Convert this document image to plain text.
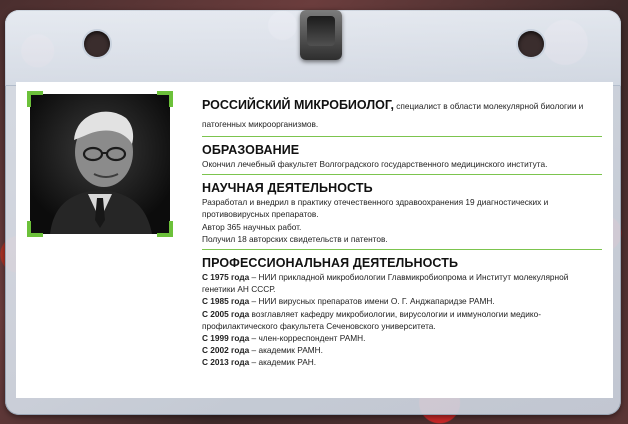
РОССИЙСКИЙ МИКРОБИОЛОГ, специалист в области молекулярной биологии и патогенных микроорганизмов.
ОБРАЗОВАНИЕ
Окончил лечебный факультет Волгоградского государственного медицинского института.
НАУЧНАЯ ДЕЯТЕЛЬНОСТЬ
Разработал и внедрил в практику отечественного здравоохранения 19 диагностических и противовирусных препаратов.
Автор 365 научных работ.
Получил 18 авторских свидетельств и патентов.
ПРОФЕССИОНАЛЬНАЯ ДЕЯТЕЛЬНОСТЬ
С 1975 года – НИИ прикладной микробиологии Главмикробиопрома и Институт молекулярной генетики АН СССР.
С 1985 года – НИИ вирусных препаратов имени О. Г. Анджапаридзе РАМН.
С 2005 года возглавляет кафедру микробиологии, вирусологии и иммунологии медико-профилактического факультета Сеченовского университета.
С 1999 года – член-корреспондент РАМН.
С 2002 года – академик РАМН.
С 2013 года – академик РАН.
